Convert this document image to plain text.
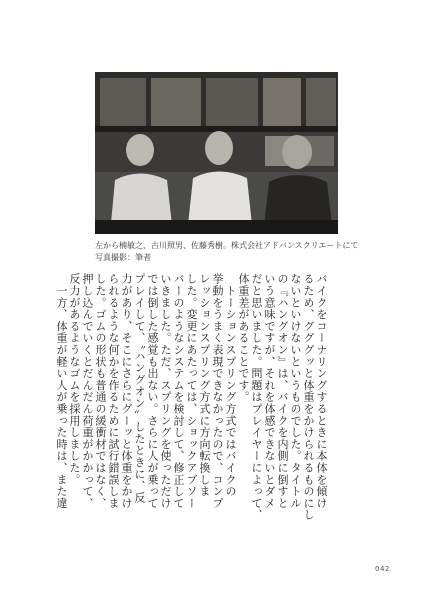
左から楠敏之、古川照男、佐藤秀樹。株式会社アドバンスクリエートにて
写真撮影：筆者
バイクをコーナリングするときに本体を傾け
るため、グググッと体重をかけられるものにし
ないといけないというものでした。タイトル
の『ハングオン』は、バイクを内側に倒すと
いう意味ですが、それを体感できないとダメ
だと思いました。問題はプレイヤーによって、
体重差があることです。
　トーションスプリング方式ではバイクの
挙動をうまく表現できなかったので、コンプ
レッションスプリング方式に方向転換しま
した。変更にあたっては、ショックアブソー
バーのようなシステムを検討して、修正して
いきました。ただ、スプリングを使っただけ
では倒した感覚も出ない。さらに人が乗って
プレイして、〝ハングオン〟したときに、反
力があり、そこにさらにグーッと体重をかけ
られるような何かを作るために試行錯誤しま
した。ゴムの形状も普通の緩衝材ではなく、
押し込んでいくとだんだん荷重がかかって、
反力があるようなゴムを採用しました。
　一方、体重が軽い人が乗った時は、また違
042
